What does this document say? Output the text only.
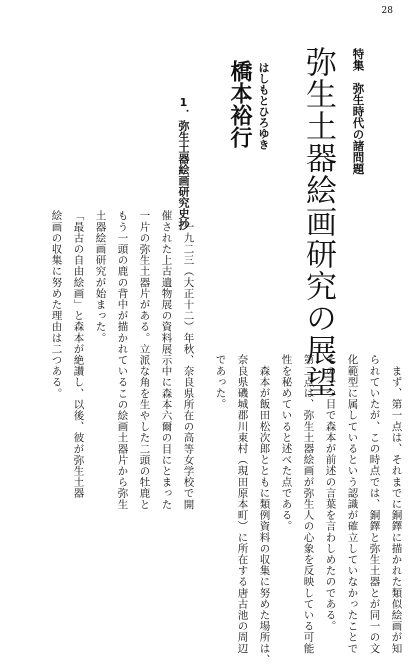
28
特集　弥生時代の諸問題
弥生土器絵画研究の展望
はしもとひろゆき
橋本裕行
1．弥生土器絵画研究史抄
　まず、第一点は、それまでに銅鐸に描かれた類似絵画が知
られていたが、この時点では、銅鐸と弥生土器とが同一の文
化範型に属しているという認識が確立していなかったことで
その一つ目で森本が前述の言葉を言わしめたのである。
第二点は、弥生土器絵画が弥生人の心象を反映している可能
性を秘めていると述べた点である。
　森本が飯田松次郎とともに類例資料の収集に努めた場所は、
奈良県磯城郡川東村（現田原本町）に所在する唐古池の周辺
であった。
　一九二三（大正十二）年秋、奈良県所在の高等女学校で開
催された上古遺物展の資料展示中に森本六爾の目にとまった
一片の弥生土器片がある。立派な角を生やした二頭の牡鹿と
もう一頭の鹿の背中が描かれているこの絵画土器片から弥生
土器絵画研究が始まった。
「最古の自由絵画」と森本が絶讃し、以後、彼が弥生土器
絵画の収集に努めた理由は二つある。
